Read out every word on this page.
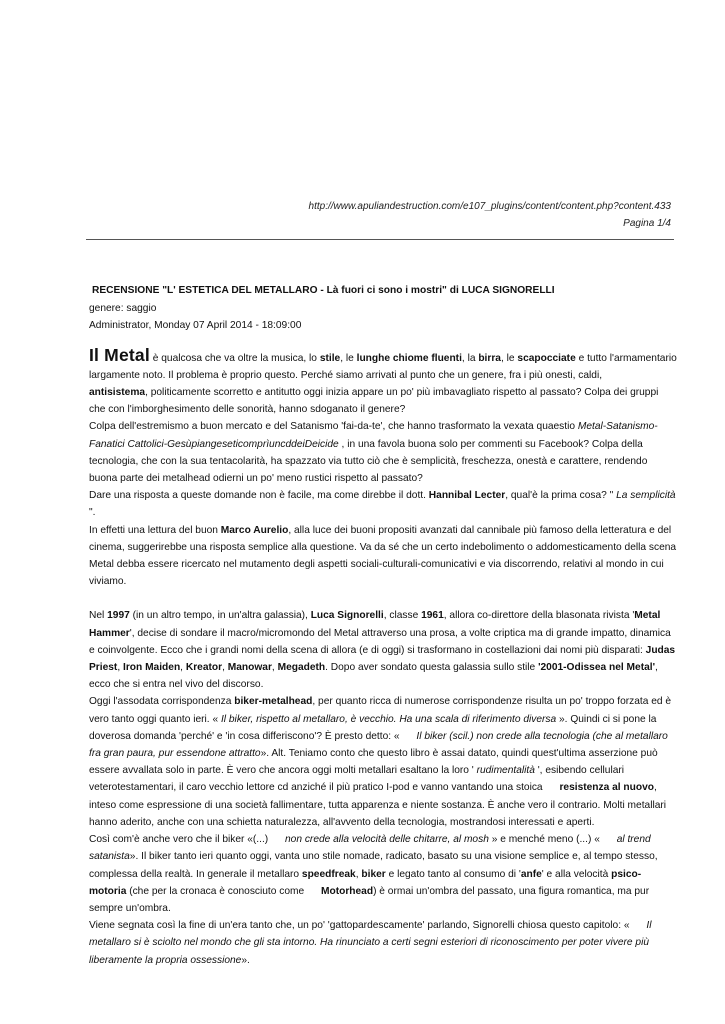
http://www.apuliandestruction.com/e107_plugins/content/content.php?content.433
Pagina 1/4
RECENSIONE "L' ESTETICA DEL METALLARO - Là fuori ci sono i mostri" di LUCA SIGNORELLI
genere: saggio
Administrator, Monday 07 April 2014 - 18:09:00

Il Metal è qualcosa che va oltre la musica, lo stile, le lunghe chiome fluenti, la birra, le scapocciate e tutto l'armamentario largamente noto. Il problema è proprio questo. Perché siamo arrivati al punto che un genere, fra i più onesti, caldi, antisistema, politicamente scorretto e antitutto oggi inizia appare un po' più imbavagliato rispetto al passato? Colpa dei gruppi che con l'imborghesimento delle sonorità, hanno sdoganato il genere?

Colpa dell'estremismo a buon mercato e del Satanismo 'fai-da-te', che hanno trasformato la vexata quaestio Metal-Satanismo-Fanatici Cattolici-GesùpiangeseticomprìuncddeiDeicide , in una favola buona solo per commenti su Facebook? Colpa della tecnologia, che con la sua tentacolarità, ha spazzato via tutto ciò che è semplicità, freschezza, onestà e carattere, rendendo buona parte dei metalhead odierni un po' meno rustici rispetto al passato?

Dare una risposta a queste domande non è facile, ma come direbbe il dott. Hannibal Lecter, qual'è la prima cosa? " La semplicità ".

In effetti una lettura del buon Marco Aurelio, alla luce dei buoni propositi avanzati dal cannibale più famoso della letteratura e del cinema, suggerirebbe una risposta semplice alla questione. Va da sé che un certo indebolimento o addomesticamento della scena Metal debba essere ricercato nel mutamento degli aspetti sociali-culturali-comunicativi e via discorrendo, relativi al mondo in cui viviamo.

Nel 1997 (in un altro tempo, in un'altra galassia), Luca Signorelli, classe 1961, allora co-direttore della blasonata rivista 'Metal Hammer', decise di sondare il macro/micromondo del Metal attraverso una prosa, a volte criptica ma di grande impatto, dinamica e coinvolgente. Ecco che i grandi nomi della scena di allora (e di oggi) si trasformano in costellazioni dai nomi più disparati: Judas Priest, Iron Maiden, Kreator, Manowar, Megadeth. Dopo aver sondato questa galassia sullo stile '2001-Odissea nel Metal', ecco che si entra nel vivo del discorso.

Oggi l'assodata corrispondenza biker-metalhead, per quanto ricca di numerose corrispondenze risulta un po' troppo forzata ed è vero tanto oggi quanto ieri. « Il biker, rispetto al metallaro, è vecchio. Ha una scala di riferimento diversa ». Quindi ci si pone la doverosa domanda 'perché' e 'in cosa differiscono'? È presto detto: « Il biker (scil.) non crede alla tecnologia (che al metallaro fra gran paura, pur essendone attratto». Alt. Teniamo conto che questo libro è assai datato, quindi quest'ultima asserzione può essere avvallata solo in parte. È vero che ancora oggi molti metallari esaltano la loro ' rudimentalità ', esibendo cellulari veterotestamentari, il caro vecchio lettore cd anziché il più pratico I-pod e vanno vantando una stoica resistenza al nuovo, inteso come espressione di una società fallimentare, tutta apparenza e niente sostanza. È anche vero il contrario. Molti metallari hanno aderito, anche con una schietta naturalezza, all'avvento della tecnologia, mostrandosi interessati e aperti.

Così com'è anche vero che il biker «(...) non crede alla velocità delle chitarre, al mosh » e menché meno (...) « al trend satanista». Il biker tanto ieri quanto oggi, vanta uno stile nomade, radicato, basato su una visione semplice e, al tempo stesso, complessa della realtà. In generale il metallaro speedfreak, biker e legato tanto al consumo di 'anfe' e alla velocità psico-motoria (che per la cronaca è conosciuto come Motorhead) è ormai un'ombra del passato, una figura romantica, ma pur sempre un'ombra.

Viene segnata così la fine di un'era tanto che, un po' 'gattopardescamente' parlando, Signorelli chiosa questo capitolo: « Il metallaro si è sciolto nel mondo che gli sta intorno. Ha rinunciato a certi segni esteriori di riconoscimento per poter vivere più liberamente la propria ossessione».
